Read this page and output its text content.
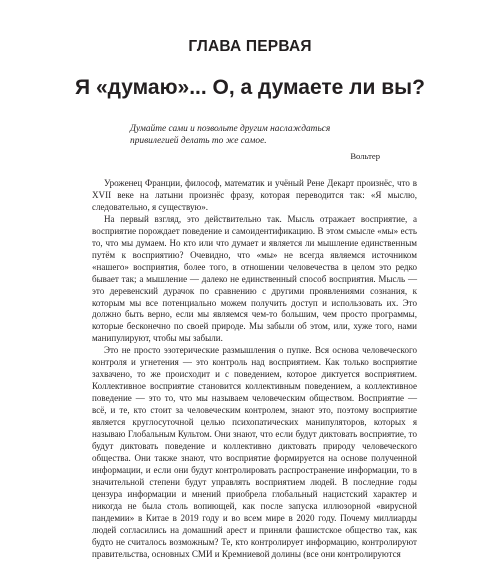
ГЛАВА ПЕРВАЯ
Я «думаю»... О, а думаете ли вы?
Думайте сами и позвольте другим наслаждаться привилегией делать то же самое.
Вольтер

Уроженец Франции, философ, математик и учёный Рене Декарт произнёс, что в XVII веке на латыни произнёс фразу, которая переводится так: «Я мыслю, следовательно, я существую».

На первый взгляд, это действительно так. Мысль отражает восприятие, а восприятие порождает поведение и самоидентификацию. В этом смысле «мы» есть то, что мы думаем. Но кто или что думает и является ли мышление единственным путём к восприятию? Очевидно, что «мы» не всегда являемся источником «нашего» восприятия, более того, в отношении человечества в целом это редко бывает так; а мышление — далеко не единственный способ восприятия. Мысль — это деревенский дурачок по сравнению с другими проявлениями сознания, к которым мы все потенциально можем получить доступ и использовать их. Это должно быть верно, если мы являемся чем-то большим, чем просто программы, которые бесконечно по своей природе. Мы забыли об этом, или, хуже того, нами манипулируют, чтобы мы забыли.

Это не просто эзотерические размышления о пупке. Вся основа человеческого контроля и угнетения — это контроль над восприятием. Как только восприятие захвачено, то же происходит и с поведением, которое диктуется восприятием. Коллективное восприятие становится коллективным поведением, а коллективное поведение — это то, что мы называем человеческим обществом. Восприятие — всё, и те, кто стоит за человеческим контролем, знают это, поэтому восприятие является круглосуточной целью психопатических манипуляторов, которых я называю Глобальным Культом. Они знают, что если будут диктовать восприятие, то будут диктовать поведение и коллективно диктовать природу человеческого общества. Они также знают, что восприятие формируется на основе полученной информации, и если они будут контролировать распространение информации, то в значительной степени будут управлять восприятием людей. В последние годы цензура информации и мнений приобрела глобальный нацистский характер и никогда не была столь вопиющей, как после запуска иллюзорной «вирусной пандемии» в Китае в 2019 году и во всем мире в 2020 году. Почему миллиарды людей согласились на домашний арест и приняли фашистское общество так, как будто не считалось возможным? Те, кто контролирует информацию, контролируют правительства, основных СМИ и Кремниевой долины (все они контролируются
